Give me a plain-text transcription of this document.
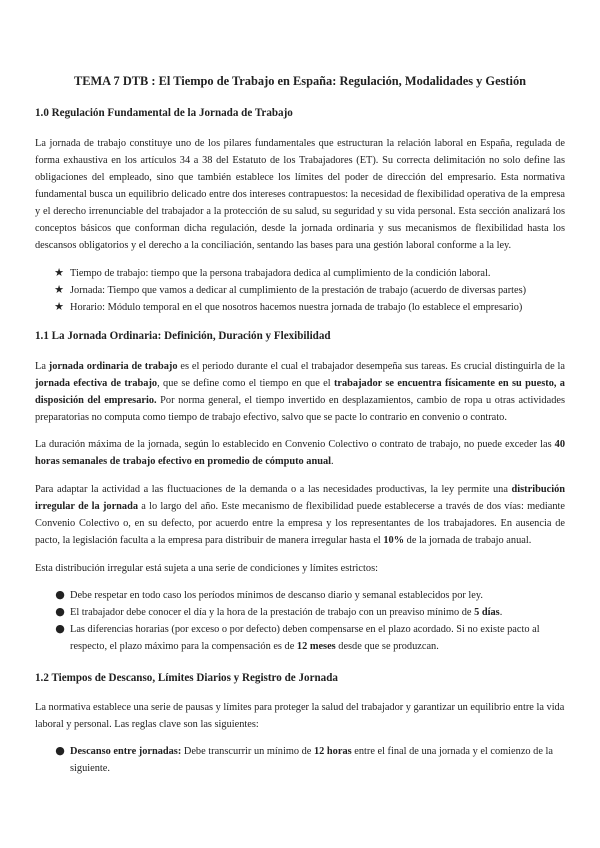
TEMA 7 DTB : El Tiempo de Trabajo en España: Regulación, Modalidades y Gestión
1.0 Regulación Fundamental de la Jornada de Trabajo

La jornada de trabajo constituye uno de los pilares fundamentales que estructuran la relación laboral en España, regulada de forma exhaustiva en los artículos 34 a 38 del Estatuto de los Trabajadores (ET). Su correcta delimitación no solo define las obligaciones del empleado, sino que también establece los límites del poder de dirección del empresario. Esta normativa fundamental busca un equilibrio delicado entre dos intereses contrapuestos: la necesidad de flexibilidad operativa de la empresa y el derecho irrenunciable del trabajador a la protección de su salud, su seguridad y su vida personal. Esta sección analizará los conceptos básicos que conforman dicha regulación, desde la jornada ordinaria y sus mecanismos de flexibilidad hasta los descansos obligatorios y el derecho a la conciliación, sentando las bases para una gestión laboral conforme a la ley.

★ Tiempo de trabajo: tiempo que la persona trabajadora dedica al cumplimiento de la condición laboral.
★ Jornada: Tiempo que vamos a dedicar al cumplimiento de la prestación de trabajo (acuerdo de diversas partes)
★ Horario: Módulo temporal en el que nosotros hacemos nuestra jornada de trabajo (lo establece el empresario)
1.1 La Jornada Ordinaria: Definición, Duración y Flexibilidad

La jornada ordinaria de trabajo es el periodo durante el cual el trabajador desempeña sus tareas. Es crucial distinguirla de la jornada efectiva de trabajo, que se define como el tiempo en que el trabajador se encuentra físicamente en su puesto, a disposición del empresario. Por norma general, el tiempo invertido en desplazamientos, cambio de ropa u otras actividades preparatorias no computa como tiempo de trabajo efectivo, salvo que se pacte lo contrario en convenio o contrato.

La duración máxima de la jornada, según lo establecido en Convenio Colectivo o contrato de trabajo, no puede exceder las 40 horas semanales de trabajo efectivo en promedio de cómputo anual.

Para adaptar la actividad a las fluctuaciones de la demanda o a las necesidades productivas, la ley permite una distribución irregular de la jornada a lo largo del año. Este mecanismo de flexibilidad puede establecerse a través de dos vías: mediante Convenio Colectivo o, en su defecto, por acuerdo entre la empresa y los representantes de los trabajadores. En ausencia de pacto, la legislación faculta a la empresa para distribuir de manera irregular hasta el 10% de la jornada de trabajo anual.

Esta distribución irregular está sujeta a una serie de condiciones y límites estrictos:

● Debe respetar en todo caso los períodos mínimos de descanso diario y semanal establecidos por ley.
● El trabajador debe conocer el día y la hora de la prestación de trabajo con un preaviso mínimo de 5 días.
● Las diferencias horarias (por exceso o por defecto) deben compensarse en el plazo acordado. Si no existe pacto al respecto, el plazo máximo para la compensación es de 12 meses desde que se produzcan.
1.2 Tiempos de Descanso, Límites Diarios y Registro de Jornada

La normativa establece una serie de pausas y límites para proteger la salud del trabajador y garantizar un equilibrio entre la vida laboral y personal. Las reglas clave son las siguientes:

● Descanso entre jornadas: Debe transcurrir un mínimo de 12 horas entre el final de una jornada y el comienzo de la siguiente.
